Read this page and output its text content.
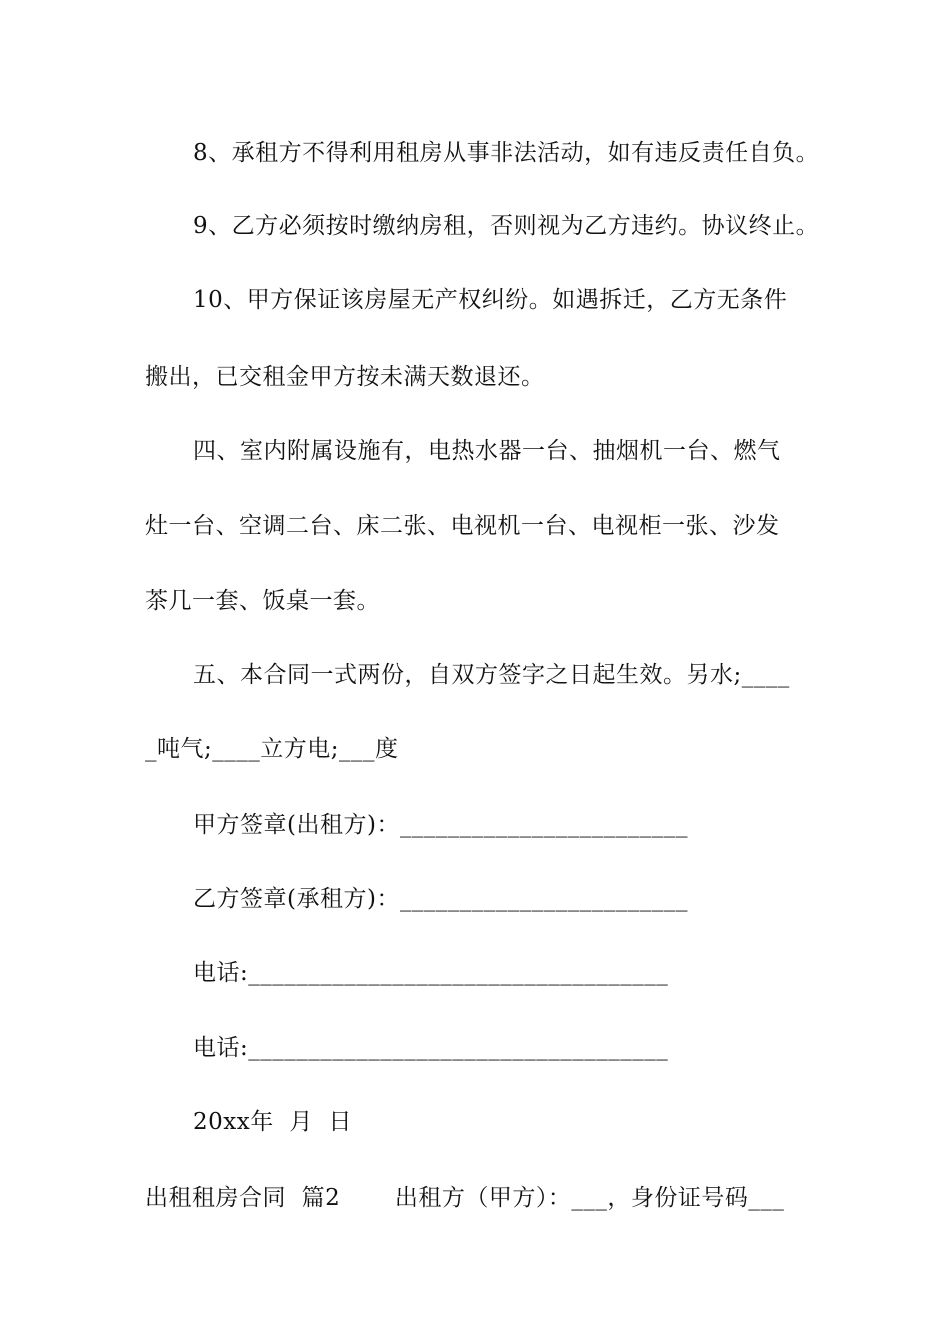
8、承租方不得利用租房从事非法活动，如有违反责任自负。
9、乙方必须按时缴纳房租，否则视为乙方违约。协议终止。
10、甲方保证该房屋无产权纠纷。如遇拆迁，乙方无条件
搬出，已交租金甲方按未满天数退还。
四、室内附属设施有，电热水器一台、抽烟机一台、燃气
灶一台、空调二台、床二张、电视机一台、电视柜一张、沙发
茶几一套、饭桌一套。
五、本合同一式两份，自双方签字之日起生效。另水;____
_吨气;____立方电;___度
甲方签章(出租方)：________________________
乙方签章(承租方)：________________________
电话:___________________________________
电话:___________________________________
20xx年  月  日
出租租房合同  篇2       出租方（甲方）：___，身份证号码___
